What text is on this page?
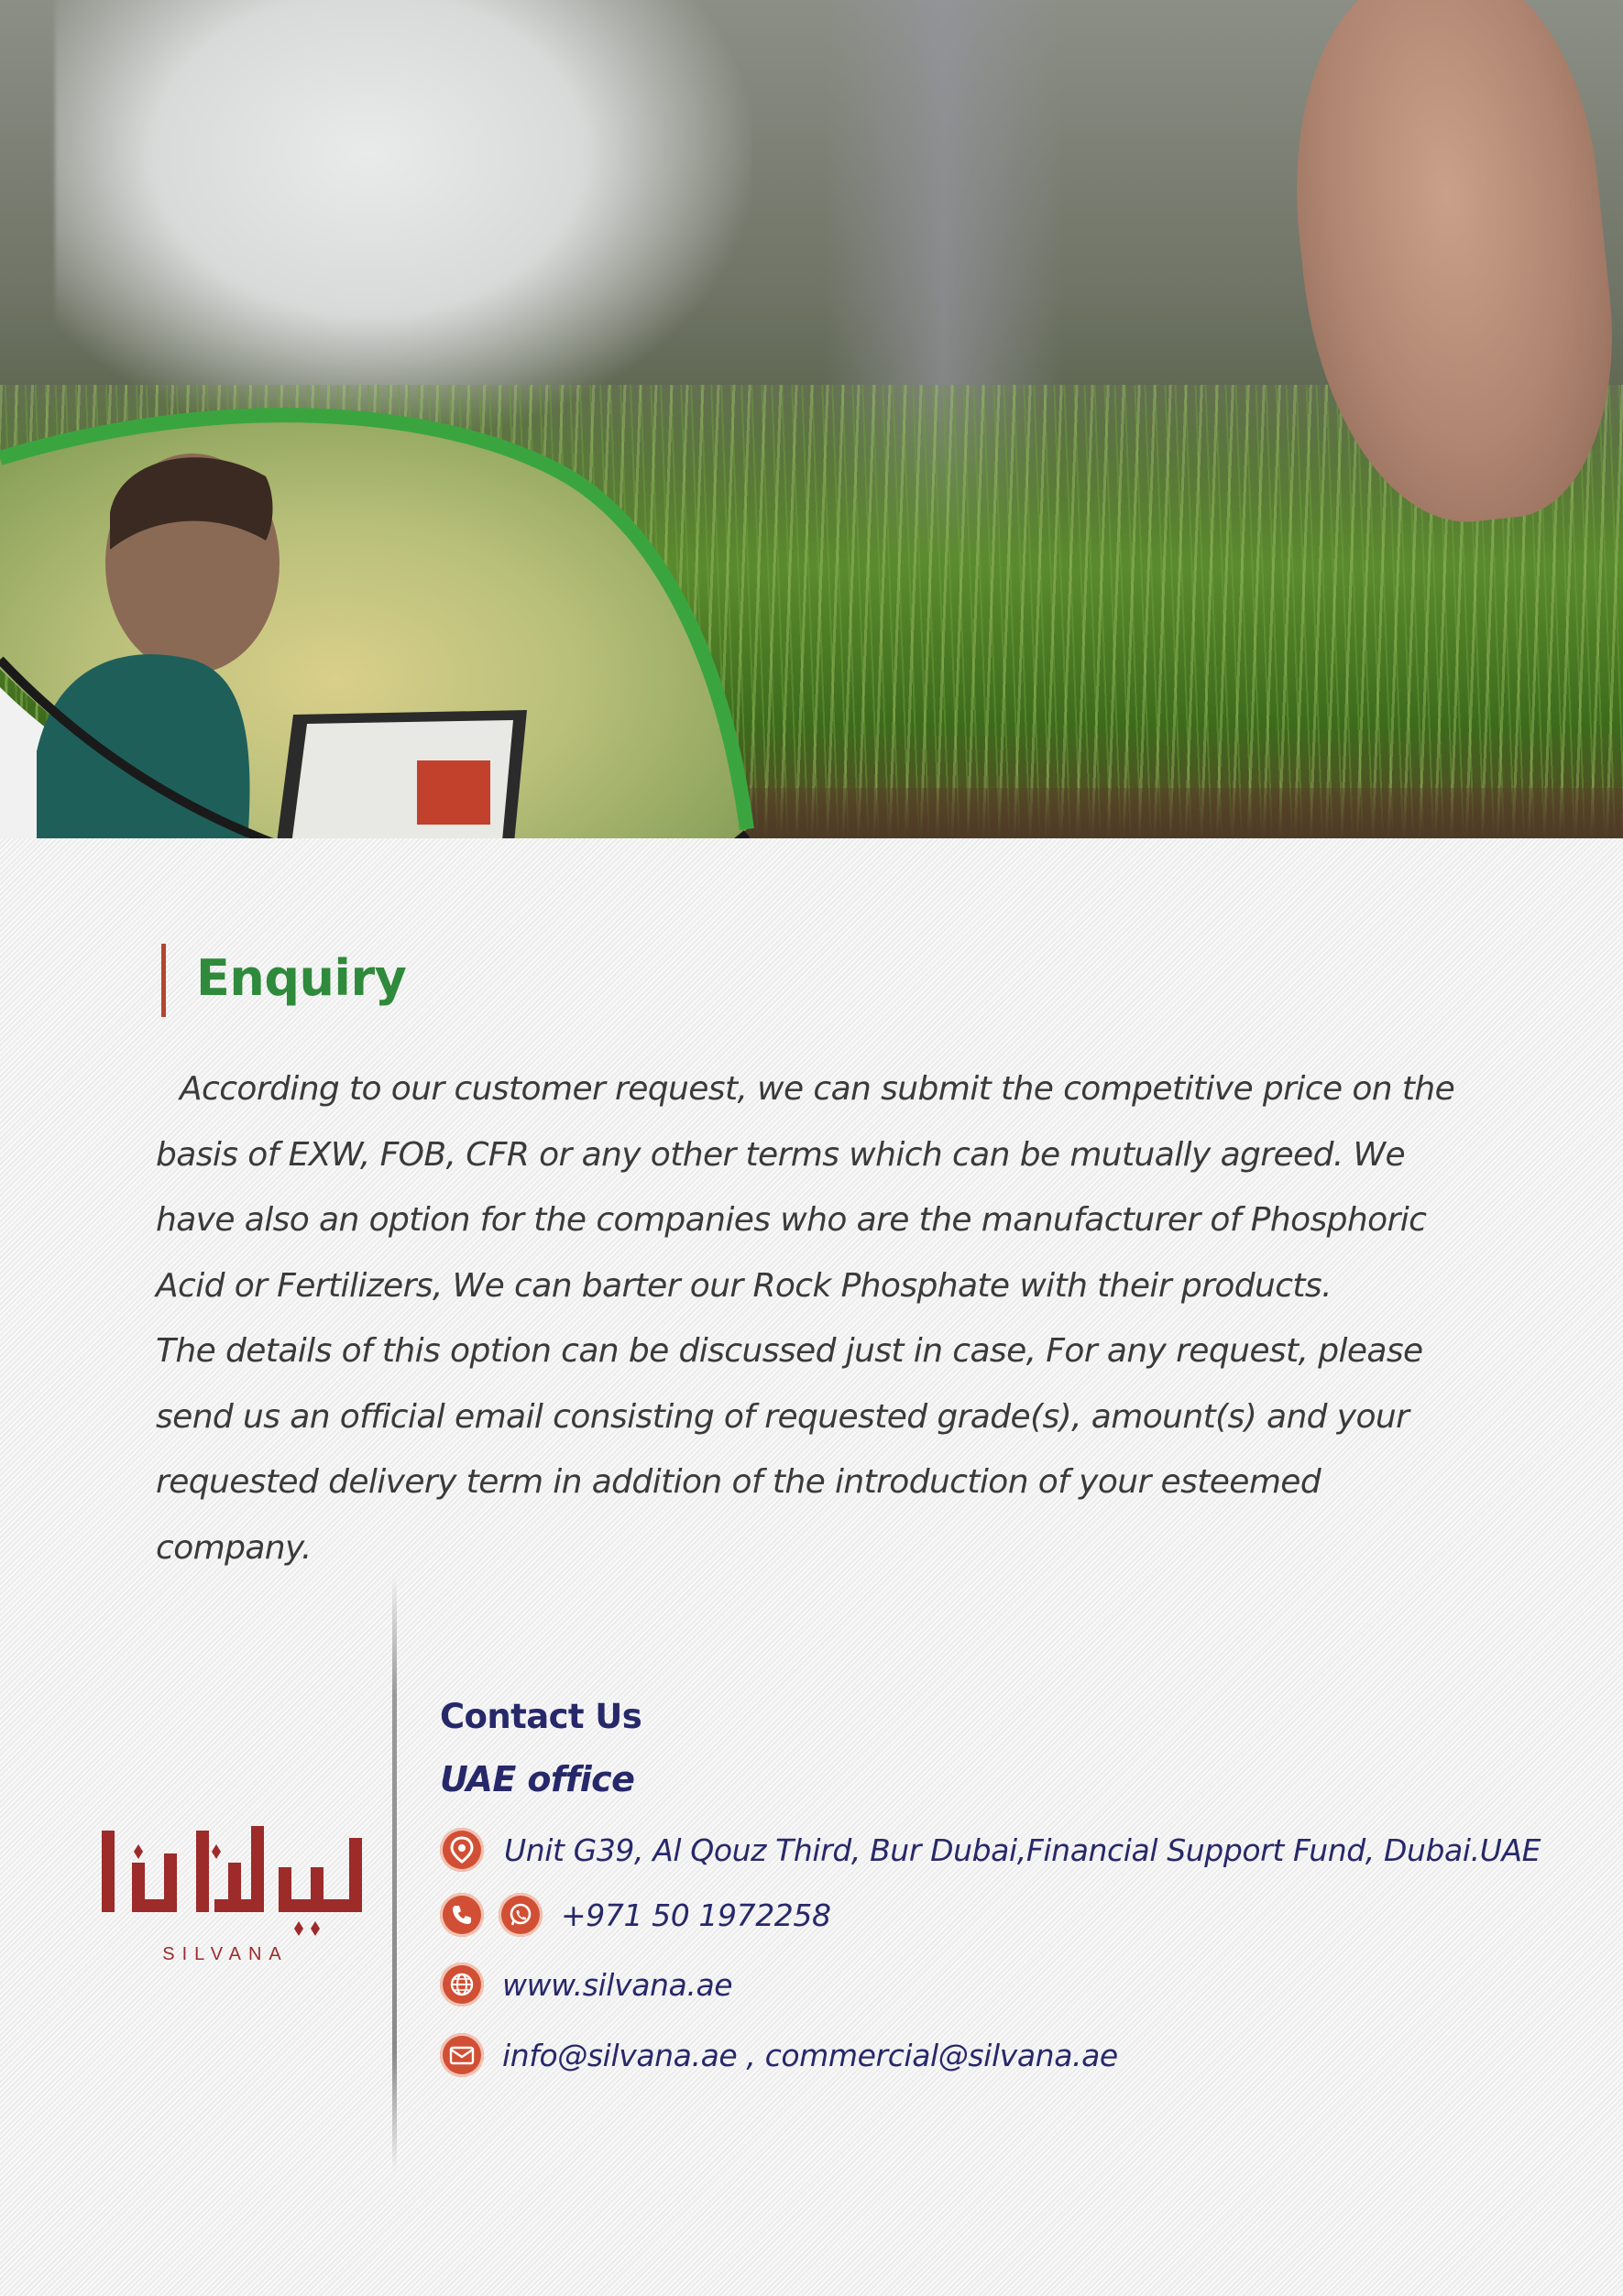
Enquiry

According to our customer request, we can submit the competitive price on the basis of EXW, FOB, CFR or any other terms which can be mutually agreed. We have also an option for the companies who are the manufacturer of Phosphoric Acid or Fertilizers, We can barter our Rock Phosphate with their products.

The details of this option can be discussed just in case, For any request, please send us an official email consisting of requested grade(s), amount(s) and your requested delivery term in addition of the introduction of your esteemed company.

SILVANA
Contact Us
UAE office
Unit G39, Al Qouz Third, Bur Dubai,Financial Support Fund, Dubai.UAE
+971 50 1972258
www.silvana.ae
info@silvana.ae , commercial@silvana.ae
